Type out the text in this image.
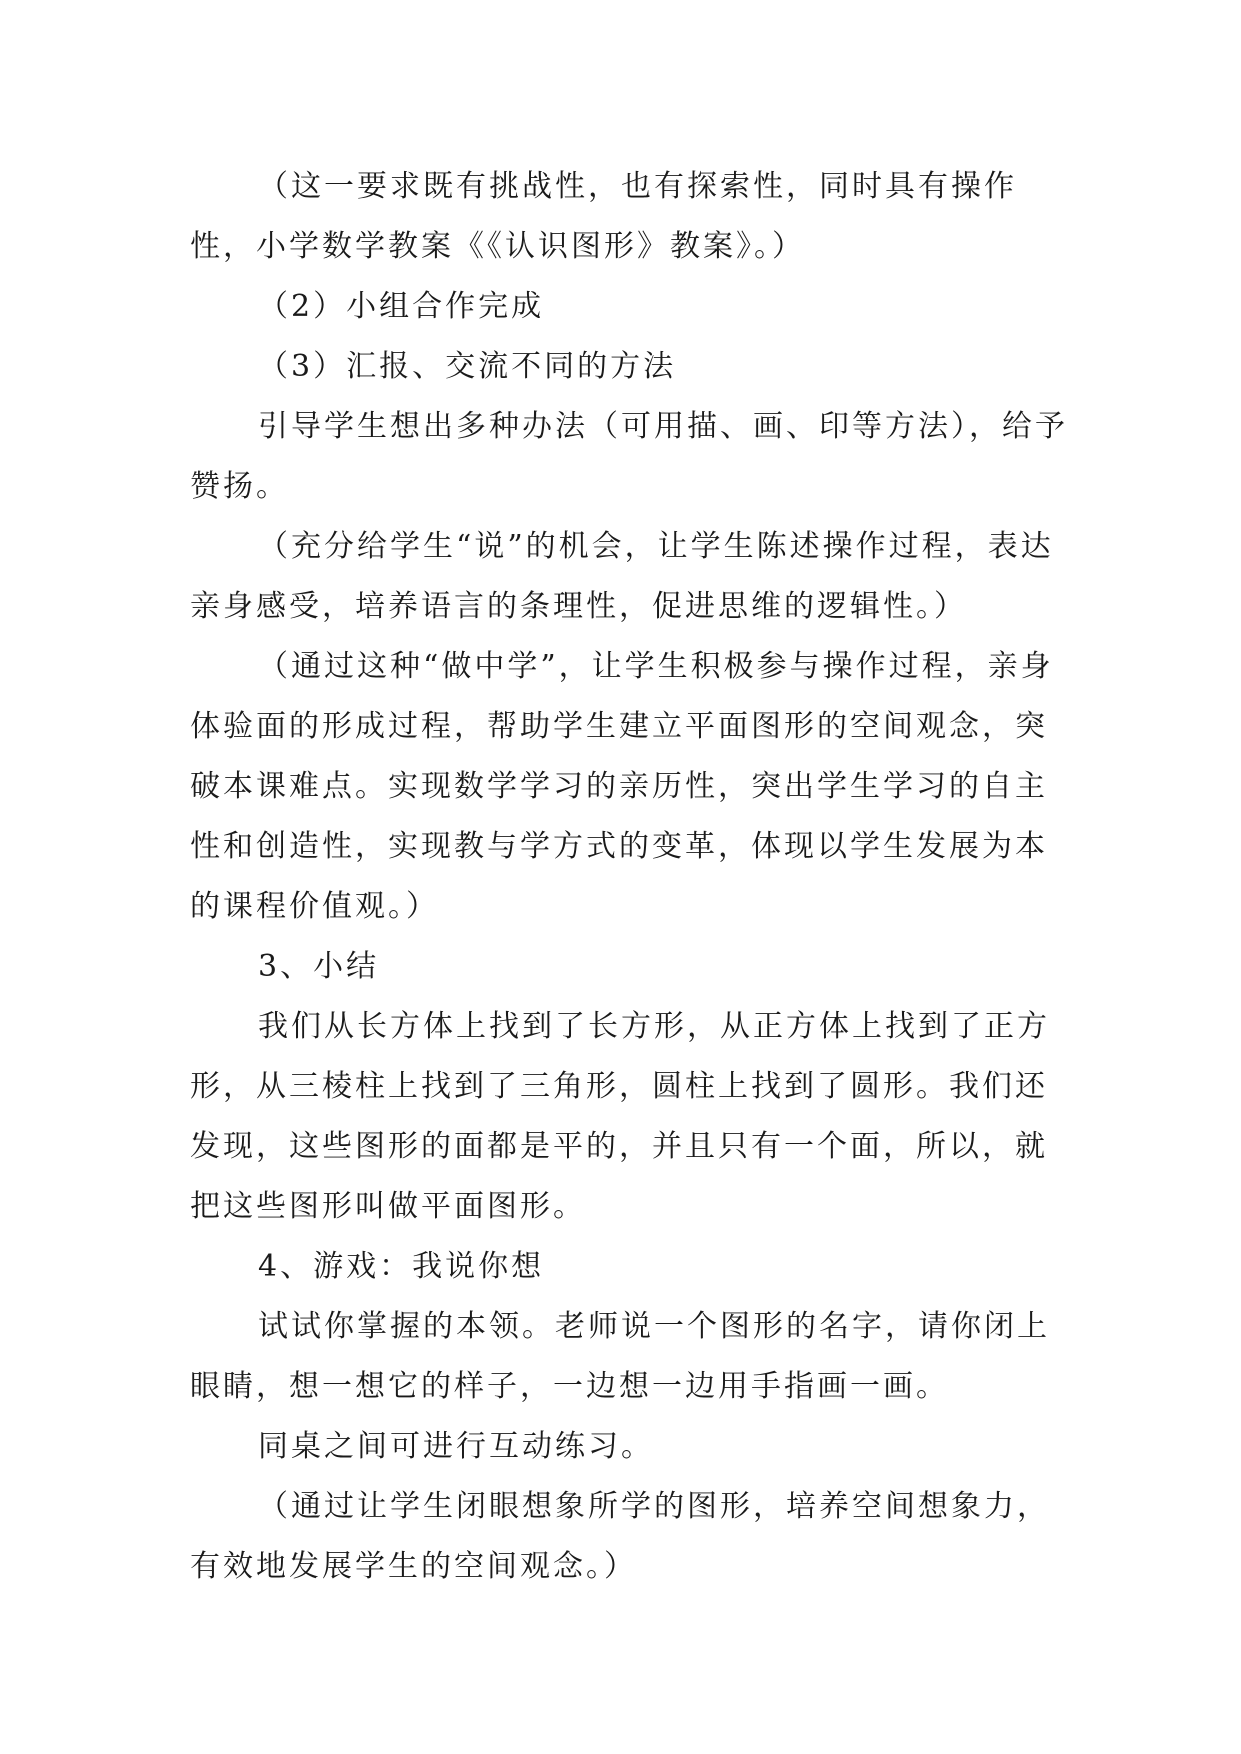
（这一要求既有挑战性，也有探索性，同时具有操作性，小学数学教案《《认识图形》教案》。）

（2）小组合作完成

（3）汇报、交流不同的方法

引导学生想出多种办法（可用描、画、印等方法），给予赞扬。

（充分给学生“说”的机会，让学生陈述操作过程，表达亲身感受，培养语言的条理性，促进思维的逻辑性。）

（通过这种“做中学”，让学生积极参与操作过程，亲身体验面的形成过程，帮助学生建立平面图形的空间观念，突破本课难点。实现数学学习的亲历性，突出学生学习的自主性和创造性，实现教与学方式的变革，体现以学生发展为本的课程价值观。）

3、小结

我们从长方体上找到了长方形，从正方体上找到了正方形，从三棱柱上找到了三角形，圆柱上找到了圆形。我们还发现，这些图形的面都是平的，并且只有一个面，所以，就把这些图形叫做平面图形。

4、游戏：我说你想

试试你掌握的本领。老师说一个图形的名字，请你闭上眼睛，想一想它的样子，一边想一边用手指画一画。

同桌之间可进行互动练习。

（通过让学生闭眼想象所学的图形，培养空间想象力，有效地发展学生的空间观念。）
